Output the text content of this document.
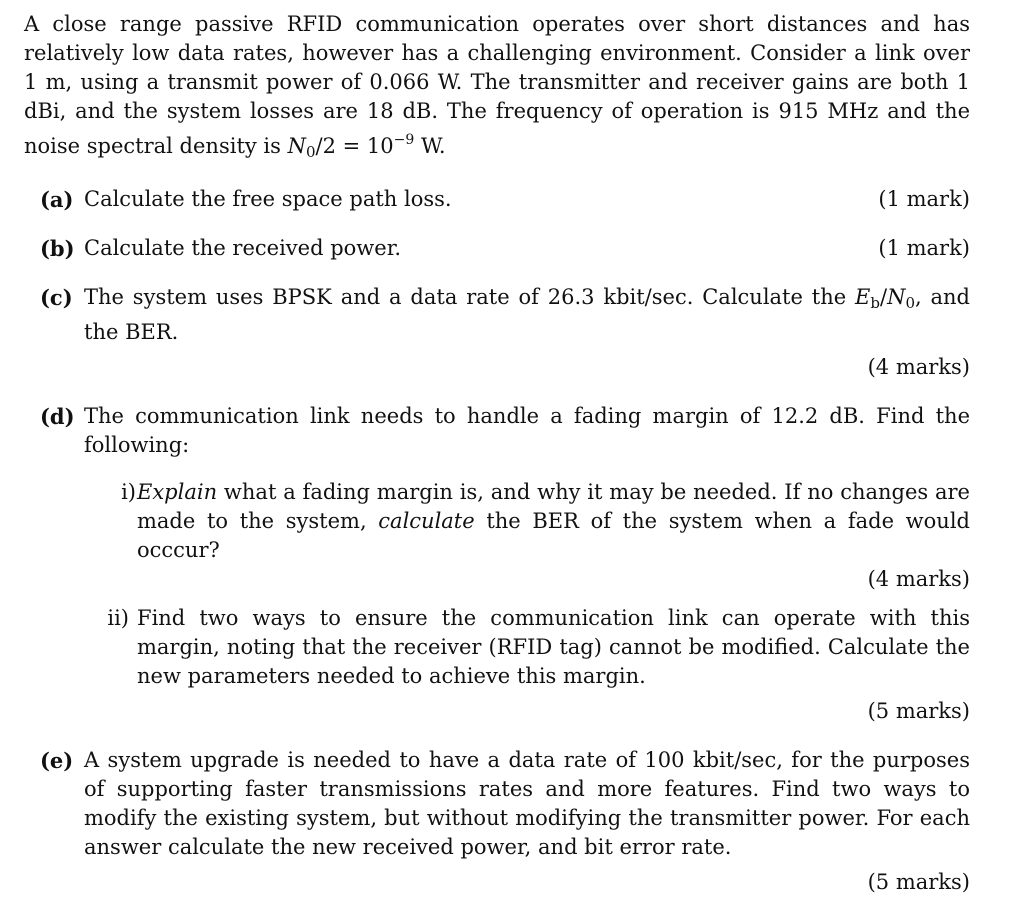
A close range passive RFID communication operates over short distances and has relatively low data rates, however has a challenging environment. Consider a link over 1 m, using a transmit power of 0.066 W. The transmitter and receiver gains are both 1 dBi, and the system losses are 18 dB. The frequency of operation is 915 MHz and the noise spectral density is $N_0/2 = 10^{-9}$ W.

(a) Calculate the free space path loss.	(1 mark)
(b) Calculate the received power.	(1 mark)
(c) The system uses BPSK and a data rate of 26.3 kbit/sec. Calculate the $E_b/N_0$, and the BER.
(4 marks)
(d) The communication link needs to handle a fading margin of 12.2 dB. Find the following:
i) Explain what a fading margin is, and why it may be needed. If no changes are made to the system, calculate the BER of the system when a fade would occcur?
(4 marks)
ii) Find two ways to ensure the communication link can operate with this margin, noting that the receiver (RFID tag) cannot be modified. Calculate the new parameters needed to achieve this margin.
(5 marks)
(e) A system upgrade is needed to have a data rate of 100 kbit/sec, for the purposes of supporting faster transmissions rates and more features. Find two ways to modify the existing system, but without modifying the transmitter power. For each answer calculate the new received power, and bit error rate.
(5 marks)
